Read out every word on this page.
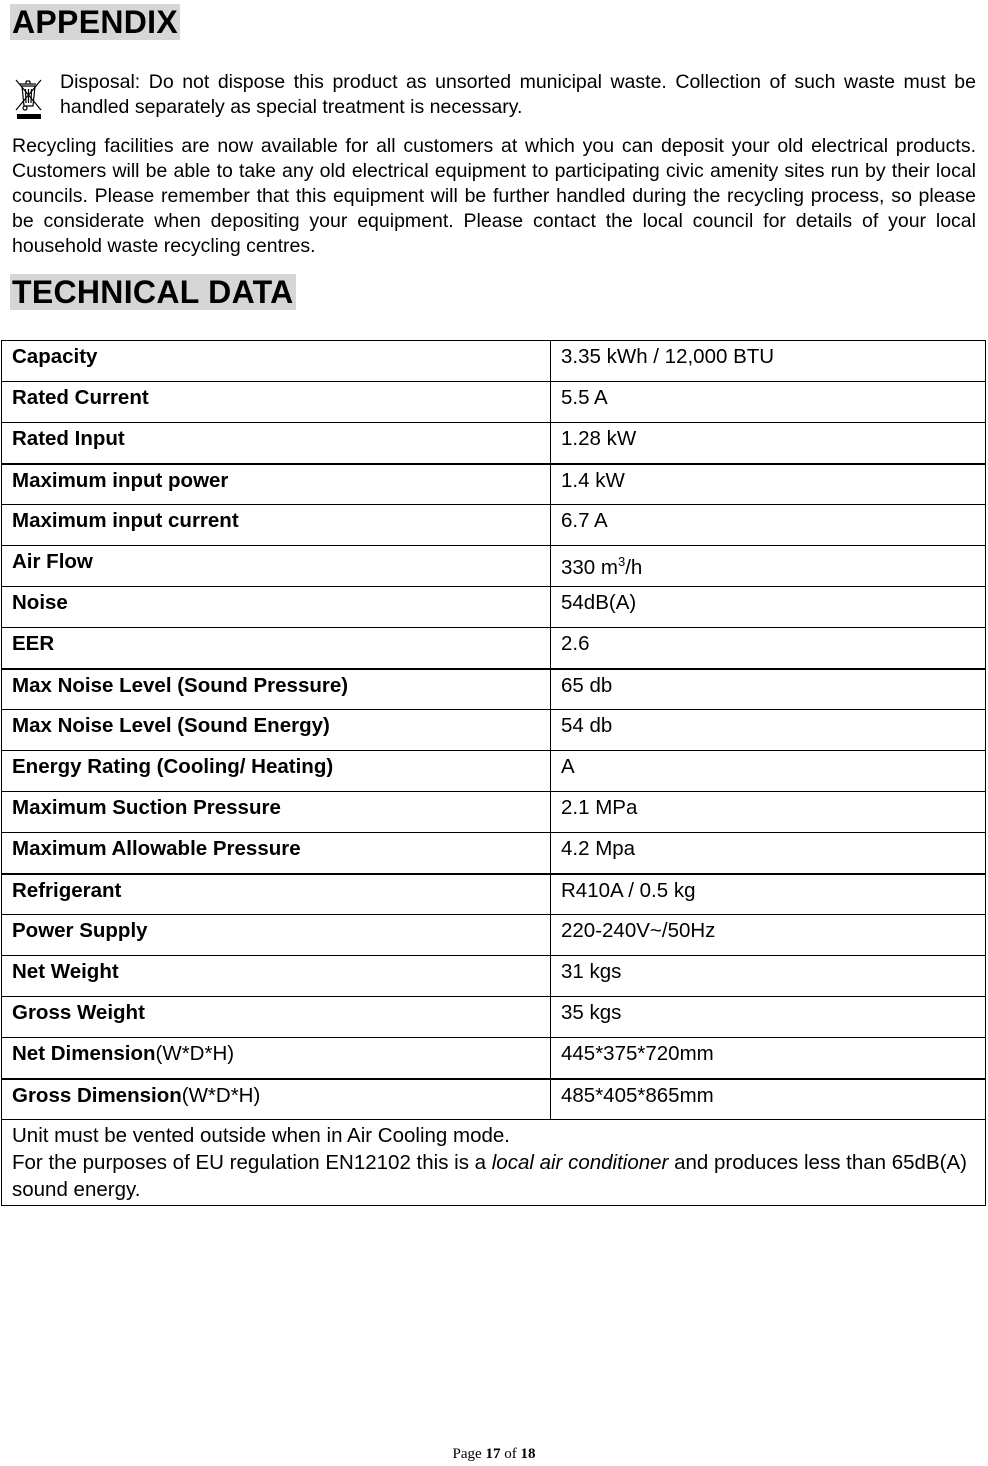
APPENDIX
Disposal: Do not dispose this product as unsorted municipal waste. Collection of such waste must be handled separately as special treatment is necessary.
Recycling facilities are now available for all customers at which you can deposit your old electrical products. Customers will be able to take any old electrical equipment to participating civic amenity sites run by their local councils. Please remember that this equipment will be further handled during the recycling process, so please be considerate when depositing your equipment. Please contact the local council for details of your local household waste recycling centres.
TECHNICAL DATA
Capacity	3.35 kWh / 12,000 BTU
Rated Current	5.5 A
Rated Input	1.28 kW
Maximum input power	1.4 kW
Maximum input current	6.7 A
Air Flow	330 $m^3/h$
Noise	54dB(A)
EER	2.6
Max Noise Level (Sound Pressure)	65 db
Max Noise Level (Sound Energy)	54 db
Energy Rating (Cooling/ Heating)	A
Maximum Suction Pressure	2.1 MPa
Maximum Allowable Pressure	4.2 Mpa
Refrigerant	R410A / 0.5 kg
Power Supply	220-240V~/50Hz
Net Weight	31 kgs
Gross Weight	35 kgs
Net Dimension(W*D*H)	445*375*720mm
Gross Dimension(W*D*H)	485*405*865mm
Unit must be vented outside when in Air Cooling mode.
For the purposes of EU regulation EN12102 this is a local air conditioner and produces less than 65dB(A) sound energy.	
Page 17 of 18
